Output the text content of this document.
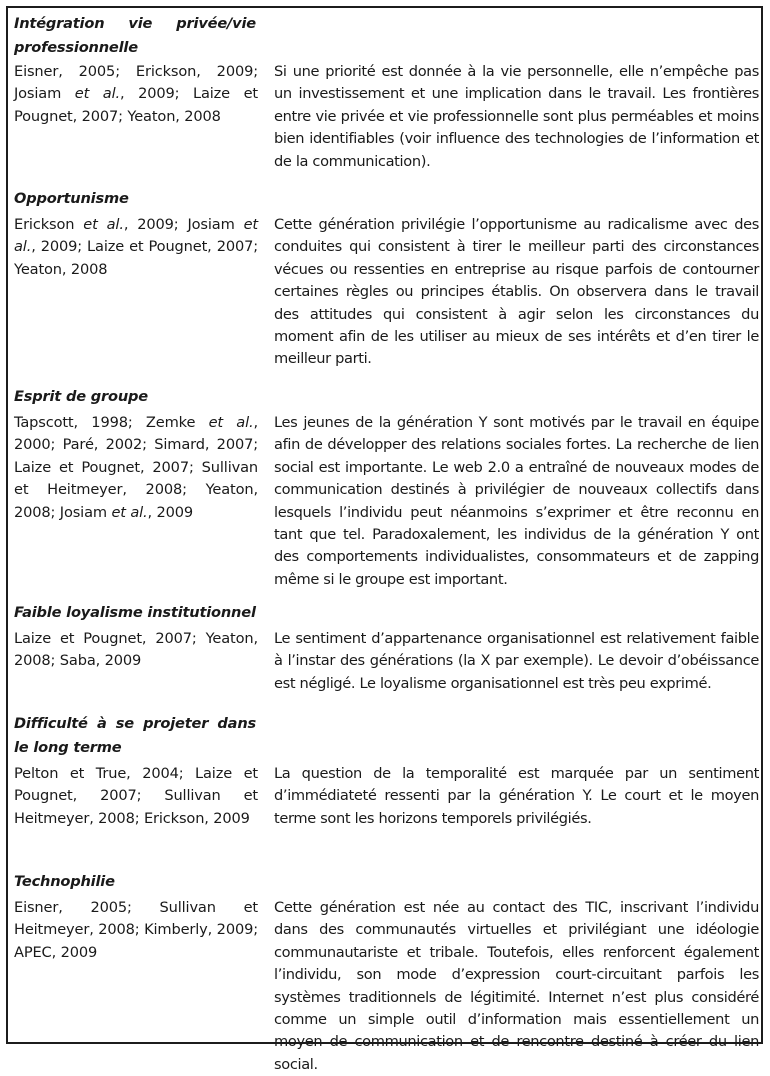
Intégration vie privée/vie professionnelle
Eisner, 2005; Erickson, 2009; Josiam et al., 2009; Laize et Pougnet, 2007; Yeaton, 2008
Si une priorité est donnée à la vie personnelle, elle n’empêche pas un investissement et une implication dans le travail. Les frontières entre vie privée et vie professionnelle sont plus perméables et moins bien identifiables (voir influence des technologies de l’information et de la communication).
Opportunisme
Erickson et al., 2009; Josiam et al., 2009; Laize et Pougnet, 2007; Yeaton, 2008
Cette génération privilégie l’opportunisme au radicalisme avec des conduites qui consistent à tirer le meilleur parti des circonstances vécues ou ressenties en entreprise au risque parfois de contourner certaines règles ou principes établis. On observera dans le travail des attitudes qui consistent à agir selon les circonstances du moment afin de les utiliser au mieux de ses intérêts et d’en tirer le meilleur parti.
Esprit de groupe
Tapscott, 1998; Zemke et al., 2000; Paré, 2002; Simard, 2007; Laize et Pougnet, 2007; Sullivan et Heitmeyer, 2008; Yeaton, 2008; Josiam et al., 2009
Les jeunes de la génération Y sont motivés par le travail en équipe afin de développer des relations sociales fortes. La recherche de lien social est importante. Le web 2.0 a entraîné de nouveaux modes de communication destinés à privilégier de nouveaux collectifs dans lesquels l’individu peut néanmoins s’exprimer et être reconnu en tant que tel. Paradoxalement, les individus de la génération Y ont des comportements individualistes, consommateurs et de zapping même si le groupe est important.
Faible loyalisme institutionnel
Laize et Pougnet, 2007; Yeaton, 2008; Saba, 2009
Le sentiment d’appartenance organisationnel est relativement faible à l’instar des générations (la X par exemple). Le devoir d’obéissance est négligé. Le loyalisme organisationnel est très peu exprimé.
Difficulté à se projeter dans le long terme
Pelton et True, 2004; Laize et Pougnet, 2007; Sullivan et Heitmeyer, 2008; Erickson, 2009
La question de la temporalité est marquée par un sentiment d’immédiateté ressenti par la génération Y. Le court et le moyen terme sont les horizons temporels privilégiés.
Technophilie
Eisner, 2005; Sullivan et Heitmeyer, 2008; Kimberly, 2009; APEC, 2009
Cette génération est née au contact des TIC, inscrivant l’individu dans des communautés virtuelles et privilégiant une idéologie communautariste et tribale. Toutefois, elles renforcent également l’individu, son mode d’expression court-circuitant parfois les systèmes traditionnels de légitimité. Internet n’est plus considéré comme un simple outil d’information mais essentiellement un moyen de communication et de rencontre destiné à créer du lien social.
